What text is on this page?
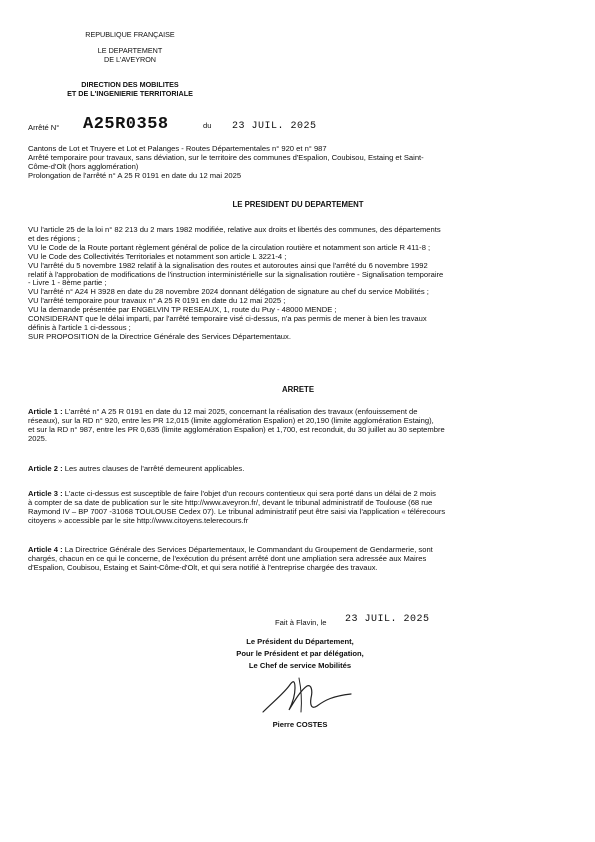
REPUBLIQUE FRANÇAISE
LE DEPARTEMENT
DE L'AVEYRON
DIRECTION DES MOBILITES
ET DE L'INGENIERIE TERRITORIALE
Arrêté N° A25R0358	du 23 JUIL. 2025
Cantons de Lot et Truyere et Lot et Palanges - Routes Départementales n° 920 et n° 987
Arrêté temporaire pour travaux, sans déviation, sur le territoire des communes d'Espalion, Coubisou, Estaing et Saint-
Côme-d'Olt (hors agglomération)
Prolongation de l'arrêté n° A 25 R 0191 en date du 12 mai 2025
LE PRESIDENT DU DEPARTEMENT
VU l'article 25 de la loi n° 82 213 du 2 mars 1982 modifiée, relative aux droits et libertés des communes, des départements
et des régions ;
VU le Code de la Route portant règlement général de police de la circulation routière et notamment son article R 411-8 ;
VU le Code des Collectivités Territoriales et notamment son article L 3221-4 ;
VU l'arrêté du 5 novembre 1982 relatif à la signalisation des routes et autoroutes ainsi que l'arrêté du 6 novembre 1992
relatif à l'approbation de modifications de l'instruction interministérielle sur la signalisation routière - Signalisation temporaire
- Livre 1 - 8ème partie ;
VU l'arrêté n° A24 H 3928 en date du 28 novembre 2024 donnant délégation de signature au chef du service Mobilités ;
VU l'arrêté temporaire pour travaux n° A 25 R 0191 en date du 12 mai 2025 ;
VU la demande présentée par ENGELVIN TP RESEAUX, 1, route du Puy - 48000 MENDE ;
CONSIDERANT que le délai imparti, par l'arrêté temporaire visé ci-dessus, n'a pas permis de mener à bien les travaux
définis à l'article 1 ci-dessous ;
SUR PROPOSITION de la Directrice Générale des Services Départementaux.
ARRETE
Article 1 : L'arrêté n° A 25 R 0191 en date du 12 mai 2025, concernant la réalisation des travaux (enfouissement de
réseaux), sur la RD n° 920, entre les PR 12,015 (limite agglomération Espalion) et 20,190 (limite agglomération Estaing),
et sur la RD n° 987, entre les PR 0,635 (limite agglomération Espalion) et 1,700, est reconduit, du 30 juillet au 30 septembre
2025.
Article 2 : Les autres clauses de l'arrêté demeurent applicables.
Article 3 : L'acte ci-dessus est susceptible de faire l'objet d'un recours contentieux qui sera porté dans un délai de 2 mois
à compter de sa date de publication sur le site http://www.aveyron.fr/, devant le tribunal administratif de Toulouse (68 rue
Raymond IV – BP 7007 -31068 TOULOUSE Cedex 07). Le tribunal administratif peut être saisi via l'application « télérecours
citoyens » accessible par le site http://www.citoyens.telerecours.fr
Article 4 : La Directrice Générale des Services Départementaux, le Commandant du Groupement de Gendarmerie, sont
chargés, chacun en ce qui le concerne, de l'exécution du présent arrêté dont une ampliation sera adressée aux Maires
d'Espalion, Coubisou, Estaing et Saint-Côme-d'Olt, et qui sera notifié à l'entreprise chargée des travaux.
Fait à Flavin, le 23 JUIL. 2025
Le Président du Département,
Pour le Président et par délégation,
Le Chef de service Mobilités
Pierre COSTES
